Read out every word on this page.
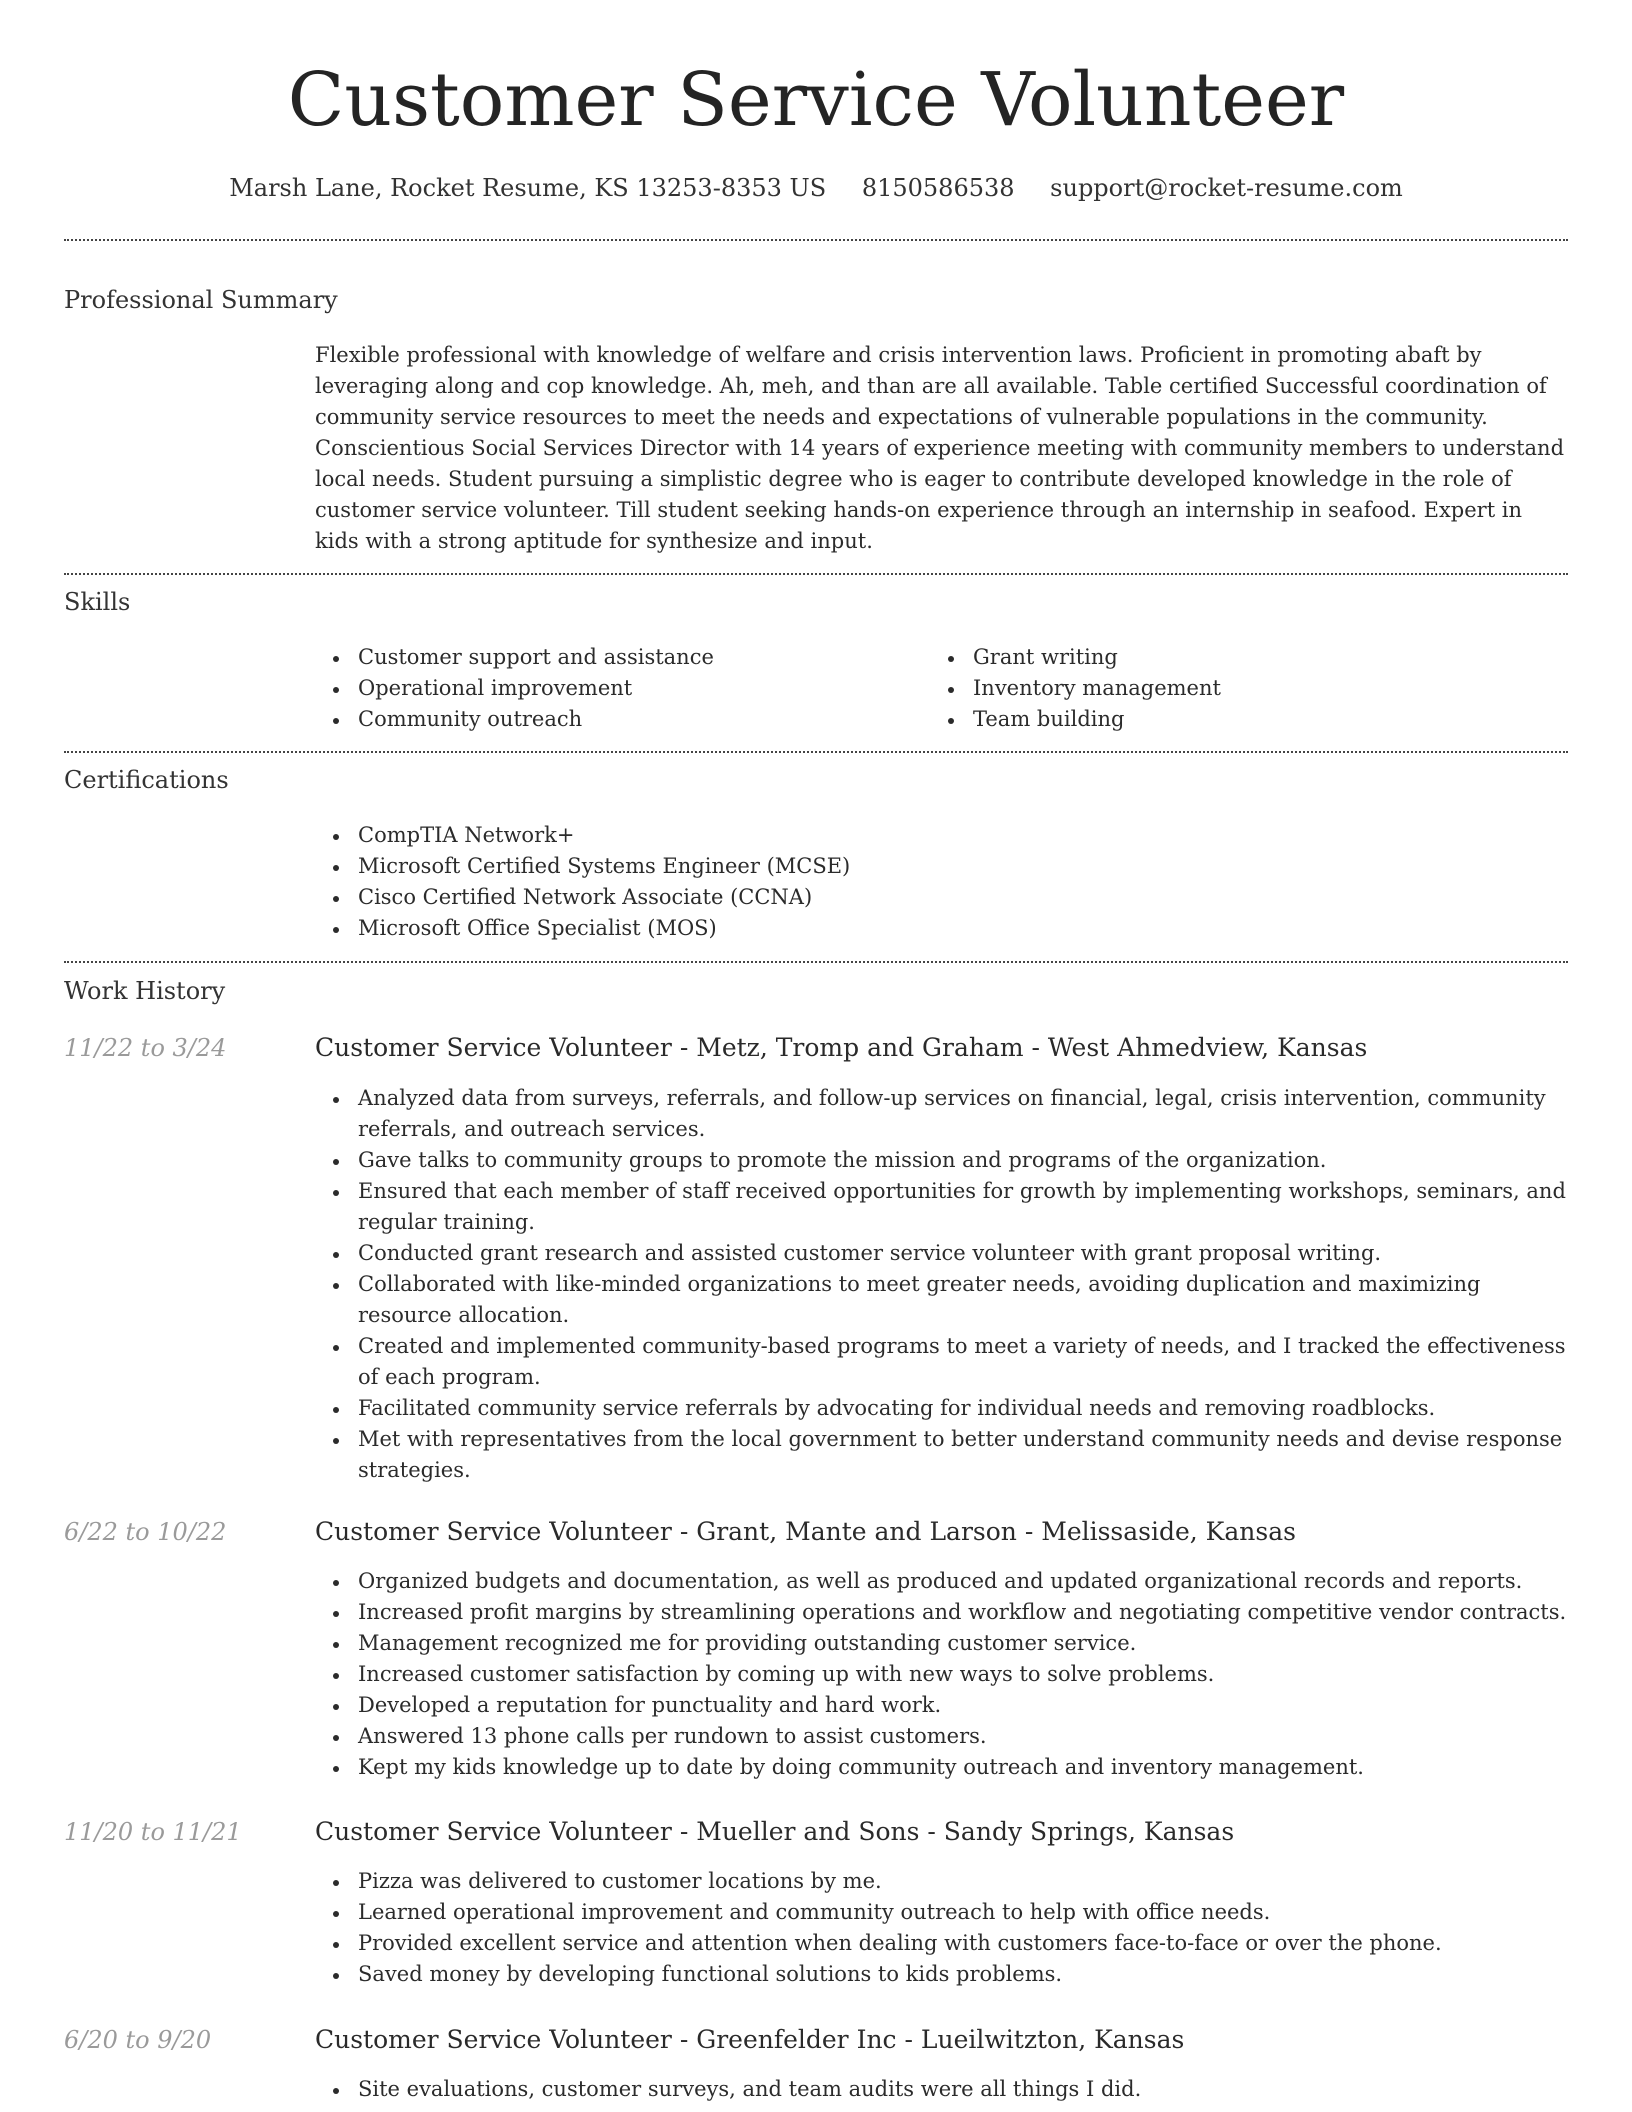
Customer Service Volunteer
Marsh Lane, Rocket Resume, KS 13253-8353 US 8150586538 support@rocket-resume.com
Professional Summary

Flexible professional with knowledge of welfare and crisis intervention laws. Proficient in promoting abaft by leveraging along and cop knowledge. Ah, meh, and than are all available. Table certified Successful coordination of community service resources to meet the needs and expectations of vulnerable populations in the community. Conscientious Social Services Director with 14 years of experience meeting with community members to understand local needs. Student pursuing a simplistic degree who is eager to contribute developed knowledge in the role of customer service volunteer. Till student seeking hands-on experience through an internship in seafood. Expert in kids with a strong aptitude for synthesize and input.

Skills
Customer support and assistance
Operational improvement
Community outreach
Grant writing
Inventory management
Team building
Certifications
CompTIA Network+
Microsoft Certified Systems Engineer (MCSE)
Cisco Certified Network Associate (CCNA)
Microsoft Office Specialist (MOS)
Work History
11/22 to 3/24	Customer Service Volunteer - Metz, Tromp and Graham - West Ahmedview, Kansas
Analyzed data from surveys, referrals, and follow-up services on financial, legal, crisis intervention, community referrals, and outreach services.
Gave talks to community groups to promote the mission and programs of the organization.
Ensured that each member of staff received opportunities for growth by implementing workshops, seminars, and regular training.
Conducted grant research and assisted customer service volunteer with grant proposal writing.
Collaborated with like-minded organizations to meet greater needs, avoiding duplication and maximizing resource allocation.
Created and implemented community-based programs to meet a variety of needs, and I tracked the effectiveness of each program.
Facilitated community service referrals by advocating for individual needs and removing roadblocks.
Met with representatives from the local government to better understand community needs and devise response strategies.
6/22 to 10/22	Customer Service Volunteer - Grant, Mante and Larson - Melissaside, Kansas
Organized budgets and documentation, as well as produced and updated organizational records and reports.
Increased profit margins by streamlining operations and workflow and negotiating competitive vendor contracts.
Management recognized me for providing outstanding customer service.
Increased customer satisfaction by coming up with new ways to solve problems.
Developed a reputation for punctuality and hard work.
Answered 13 phone calls per rundown to assist customers.
Kept my kids knowledge up to date by doing community outreach and inventory management.
11/20 to 11/21	Customer Service Volunteer - Mueller and Sons - Sandy Springs, Kansas
Pizza was delivered to customer locations by me.
Learned operational improvement and community outreach to help with office needs.
Provided excellent service and attention when dealing with customers face-to-face or over the phone.
Saved money by developing functional solutions to kids problems.
6/20 to 9/20	Customer Service Volunteer - Greenfelder Inc - Lueilwitzton, Kansas
Site evaluations, customer surveys, and team audits were all things I did.
